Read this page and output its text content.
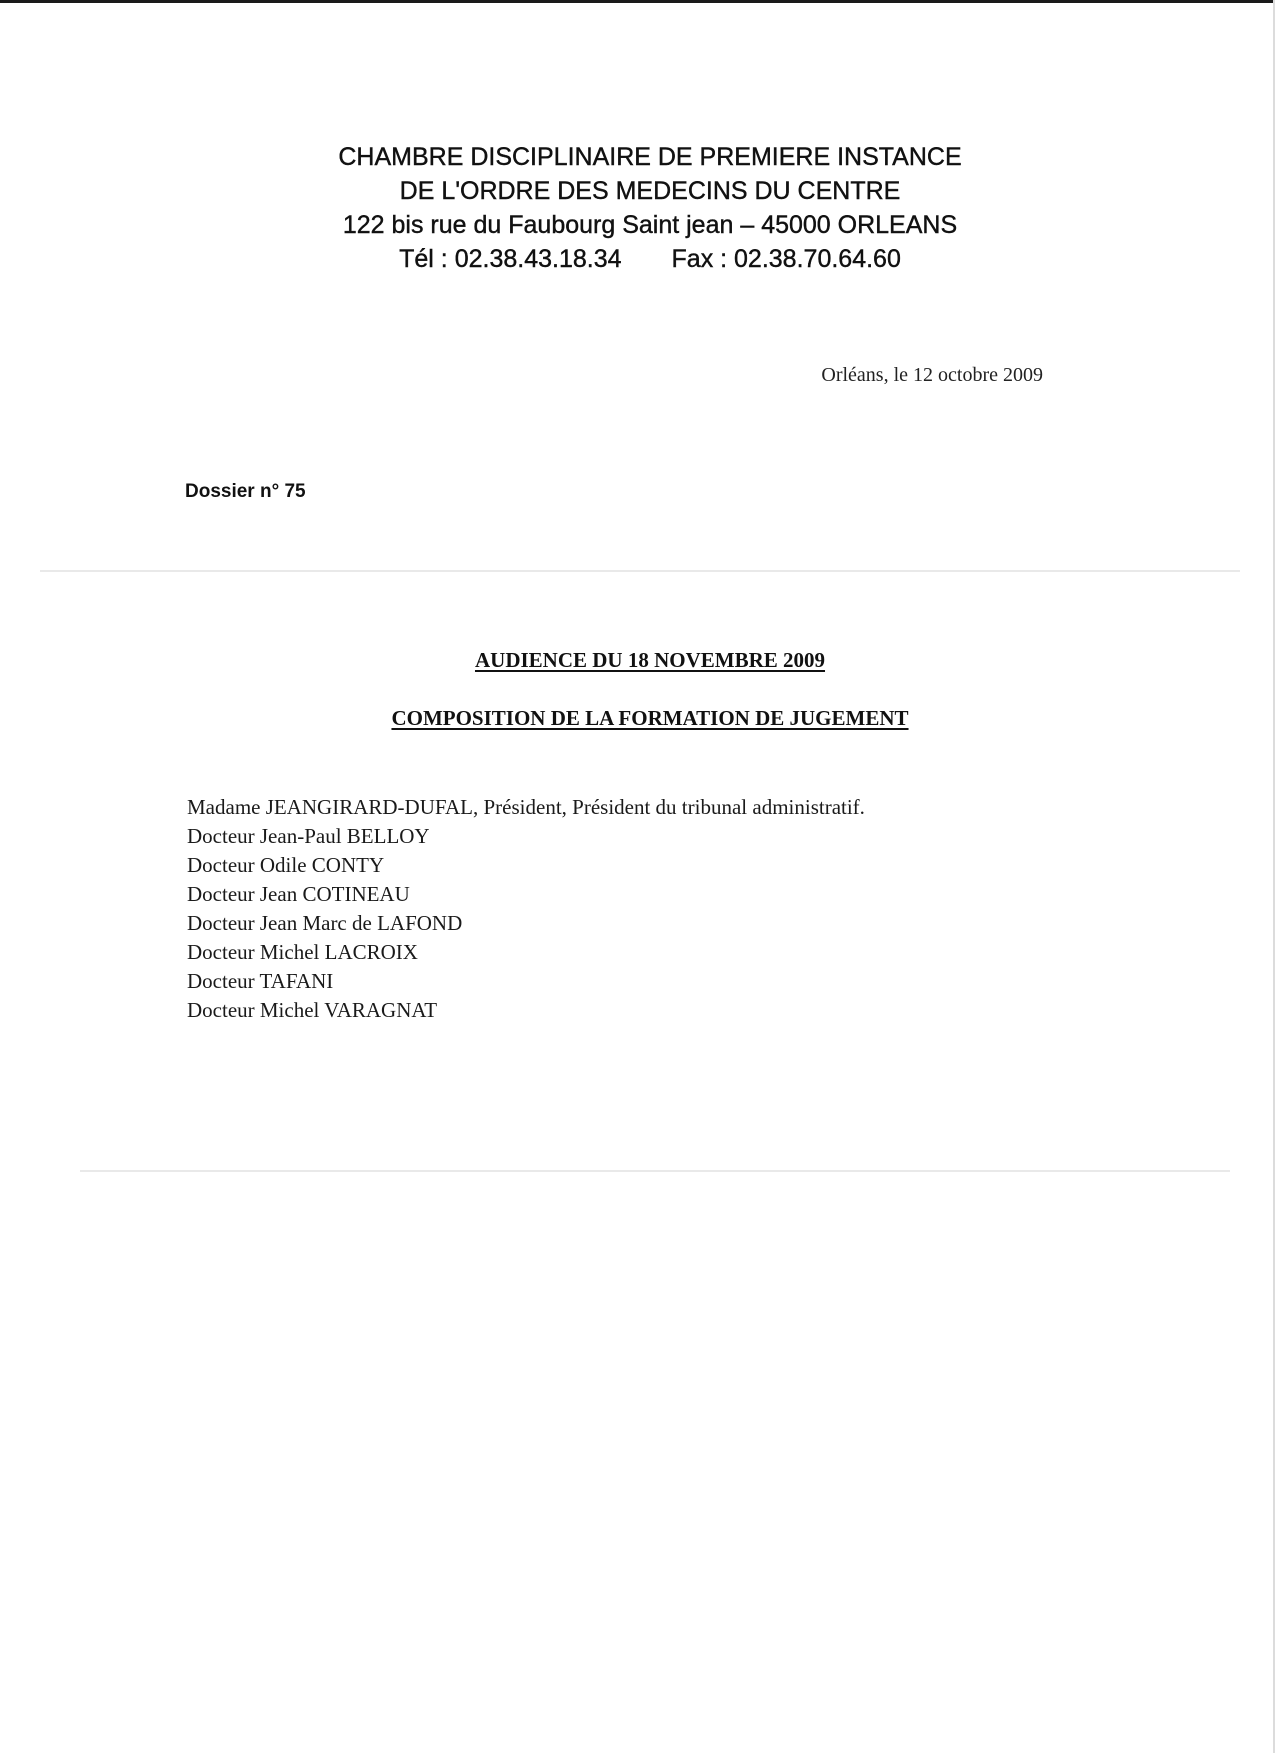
CHAMBRE DISCIPLINAIRE DE PREMIERE INSTANCE
DE L'ORDRE DES MEDECINS DU CENTRE
122 bis rue du Faubourg Saint jean – 45000 ORLEANS
Tél : 02.38.43.18.34 Fax : 02.38.70.64.60
Orléans, le 12 octobre 2009
Dossier n° 75
AUDIENCE DU 18 NOVEMBRE 2009
COMPOSITION DE LA FORMATION DE JUGEMENT
Madame JEANGIRARD-DUFAL, Président, Président du tribunal administratif.
Docteur Jean-Paul BELLOY
Docteur Odile CONTY
Docteur Jean COTINEAU
Docteur Jean Marc de LAFOND
Docteur Michel LACROIX
Docteur TAFANI
Docteur Michel VARAGNAT
